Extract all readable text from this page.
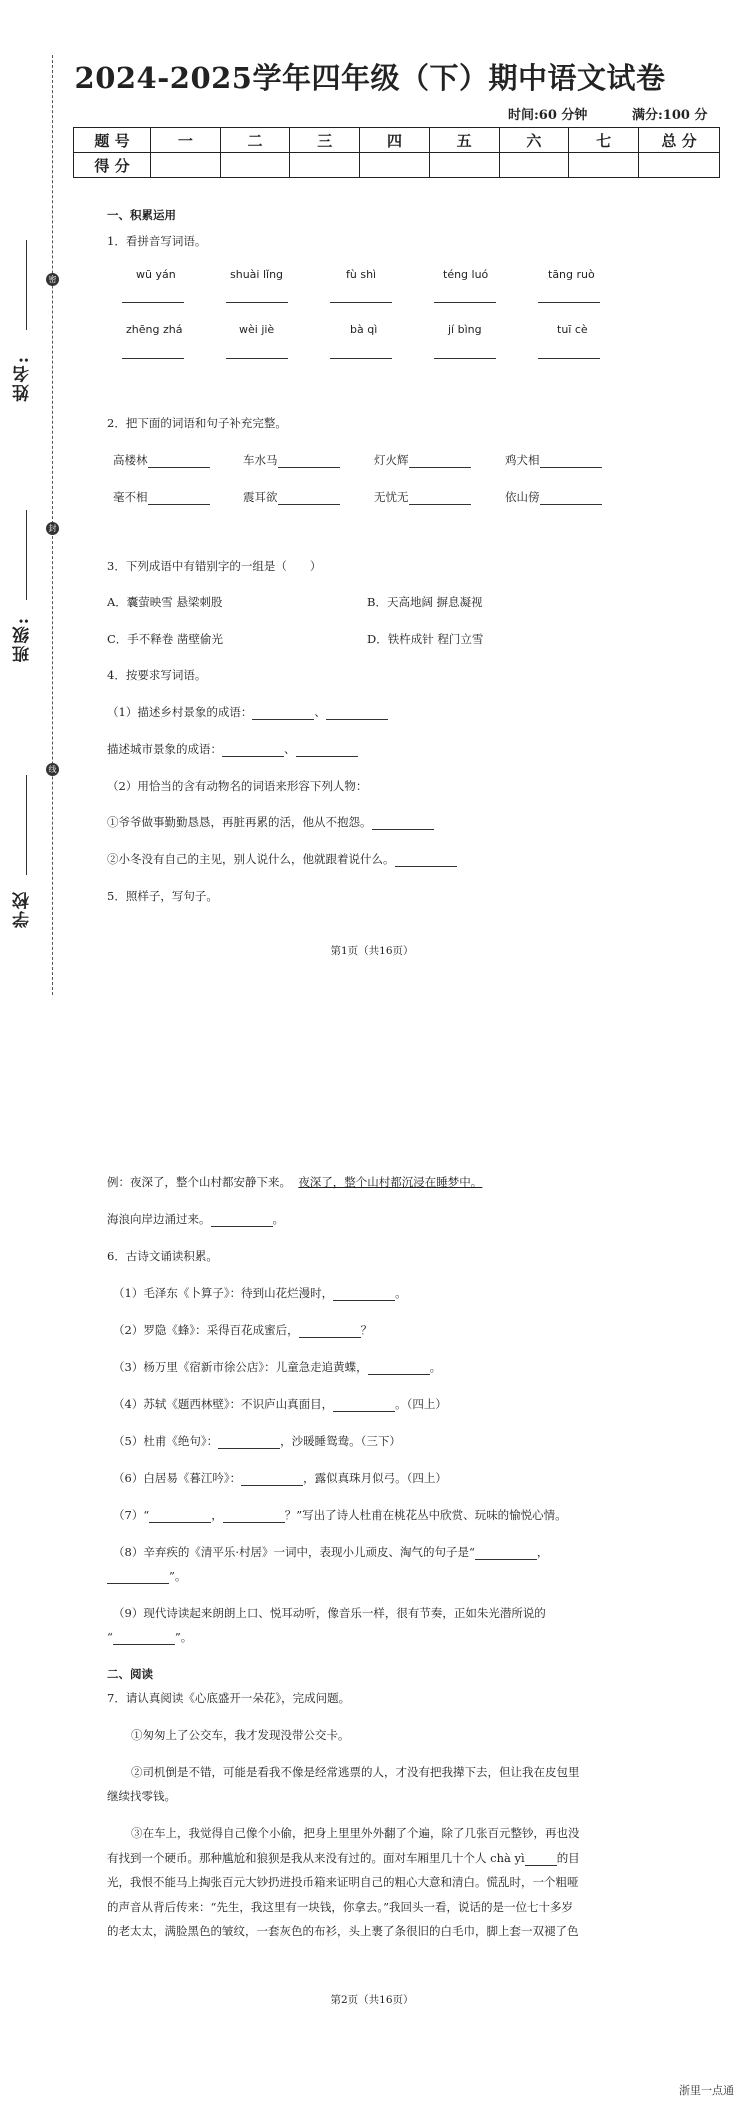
姓名:
密
班级:
封
学校
线
2024-2025学年四年级（下）期中语文试卷
时间:60 分钟	满分:100 分
题 号	一	二	三	四	五	六	七	总 分
得 分								
一、积累运用
1．看拼音写词语。
wū yán	shuài lǐng	fù shì	téng luó	tāng ruò
zhēng zhá	wèi jiè	bà qì	jí bìng	tuī cè
2．把下面的词语和句子补充完整。
高楼林	车水马	灯火辉	鸡犬相
毫不相	震耳欲	无忧无	依山傍
3．下列成语中有错别字的一组是（　　）
A．囊萤映雪 悬梁刺股	B．天高地阔 摒息凝视
C．手不释卷 凿壁偷光	D．铁杵成针 程门立雪
4．按要求写词语。
（1）描述乡村景象的成语：	、
描述城市景象的成语：	、
（2）用恰当的含有动物名的词语来形容下列人物：
①爷爷做事勤勤恳恳，再脏再累的活，他从不抱怨。
②小冬没有自己的主见，别人说什么，他就跟着说什么。
5．照样子，写句子。
第1页（共16页）
例：夜深了，整个山村都安静下来。 夜深了，整个山村都沉浸在睡梦中。
海浪向岸边涌过来。	。
6．古诗文诵读积累。
（1）毛泽东《卜算子》：待到山花烂漫时，	。
（2）罗隐《蜂》：采得百花成蜜后，	？
（3）杨万里《宿新市徐公店》：儿童急走追黄蝶，	。
（4）苏轼《题西林壁》：不识庐山真面目，	。（四上）
（5）杜甫《绝句》：	，沙暖睡鸳鸯。（三下）
（6）白居易《暮江吟》：	，露似真珠月似弓。（四上）
（7）“	，	？”写出了诗人杜甫在桃花丛中欣赏、玩味的愉悦心情。
（8）辛弃疾的《清平乐·村居》一词中，表现小儿顽皮、淘气的句子是“	，
”。
（9）现代诗读起来朗朗上口、悦耳动听，像音乐一样，很有节奏，正如朱光潜所说的
“	”。
二、阅读
7．请认真阅读《心底盛开一朵花》，完成问题。
①匆匆上了公交车，我才发现没带公交卡。
②司机倒是不错，可能是看我不像是经常逃票的人，才没有把我撵下去，但让我在皮包里
继续找零钱。
③在车上，我觉得自己像个小偷，把身上里里外外翻了个遍，除了几张百元整钞，再也没
有找到一个硬币。那种尴尬和狼狈是我从来没有过的。面对车厢里几十个人 chà yì	的目
光，我恨不能马上掏张百元大钞扔进投币箱来证明自己的粗心大意和清白。慌乱时，一个粗哑
的声音从背后传来：“先生，我这里有一块钱，你拿去。”我回头一看，说话的是一位七十多岁
的老太太，满脸黑色的皱纹，一套灰色的布衫，头上裹了条很旧的白毛巾，脚上套一双褪了色
第2页（共16页）
浙里一点通
